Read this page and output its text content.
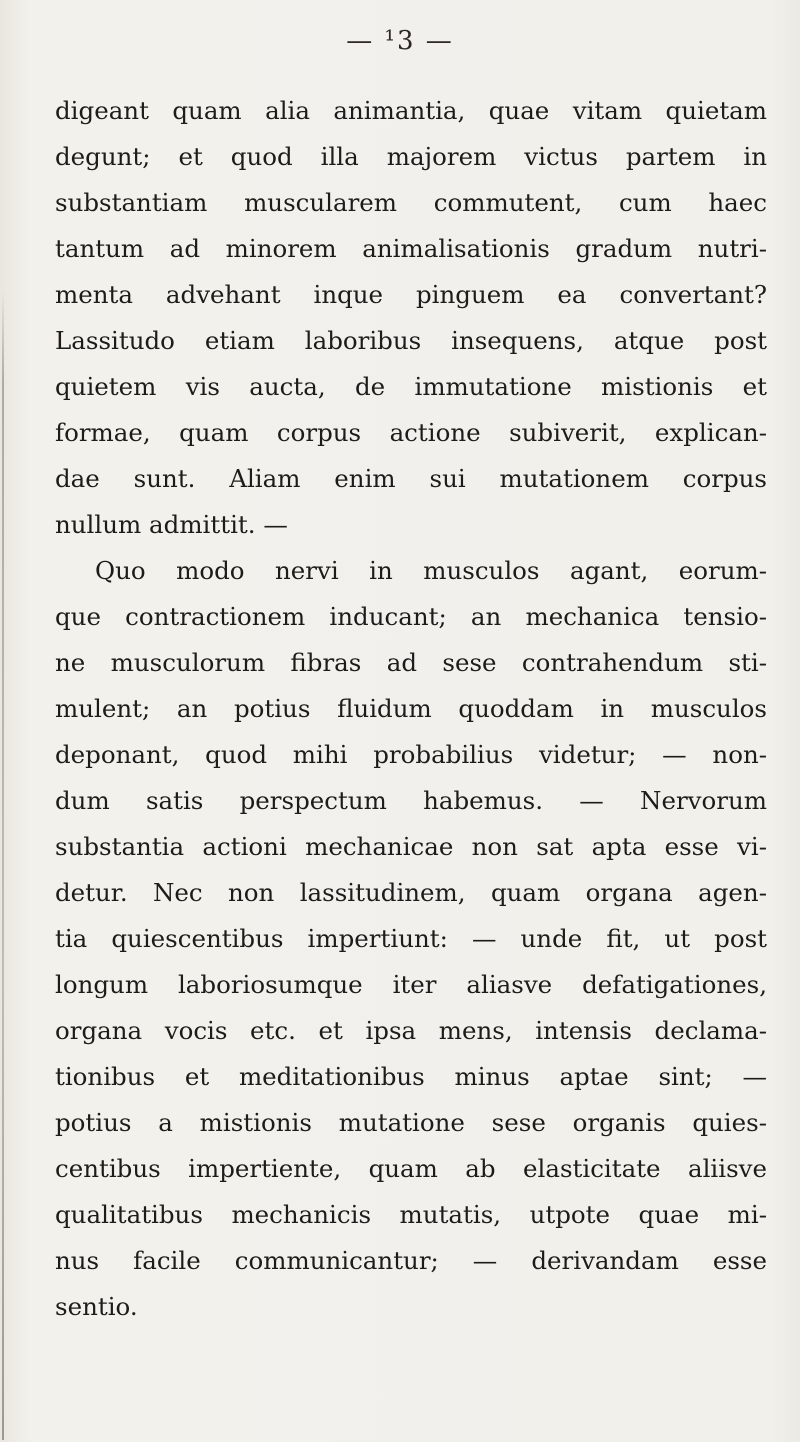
— ¹3 —
digeant quam alia animantia, quae vitam quietam
degunt; et quod illa majorem victus partem in
substantiam muscularem commutent, cum haec
tantum ad minorem animalisationis gradum nutri-
menta advehant inque pinguem ea convertant?
Lassitudo etiam laboribus insequens, atque post
quietem vis aucta, de immutatione mistionis et
formae, quam corpus actione subiverit, explican-
dae sunt. Aliam enim sui mutationem corpus
nullum admittit. —
Quo modo nervi in musculos agant, eorum-
que contractionem inducant; an mechanica tensio-
ne musculorum fibras ad sese contrahendum sti-
mulent; an potius fluidum quoddam in musculos
deponant, quod mihi probabilius videtur; — non-
dum satis perspectum habemus. — Nervorum
substantia actioni mechanicae non sat apta esse vi-
detur. Nec non lassitudinem, quam organa agen-
tia quiescentibus impertiunt: — unde fit, ut post
longum laboriosumque iter aliasve defatigationes,
organa vocis etc. et ipsa mens, intensis declama-
tionibus et meditationibus minus aptae sint; —
potius a mistionis mutatione sese organis quies-
centibus impertiente, quam ab elasticitate aliisve
qualitatibus mechanicis mutatis, utpote quae mi-
nus facile communicantur; — derivandam esse
sentio.
